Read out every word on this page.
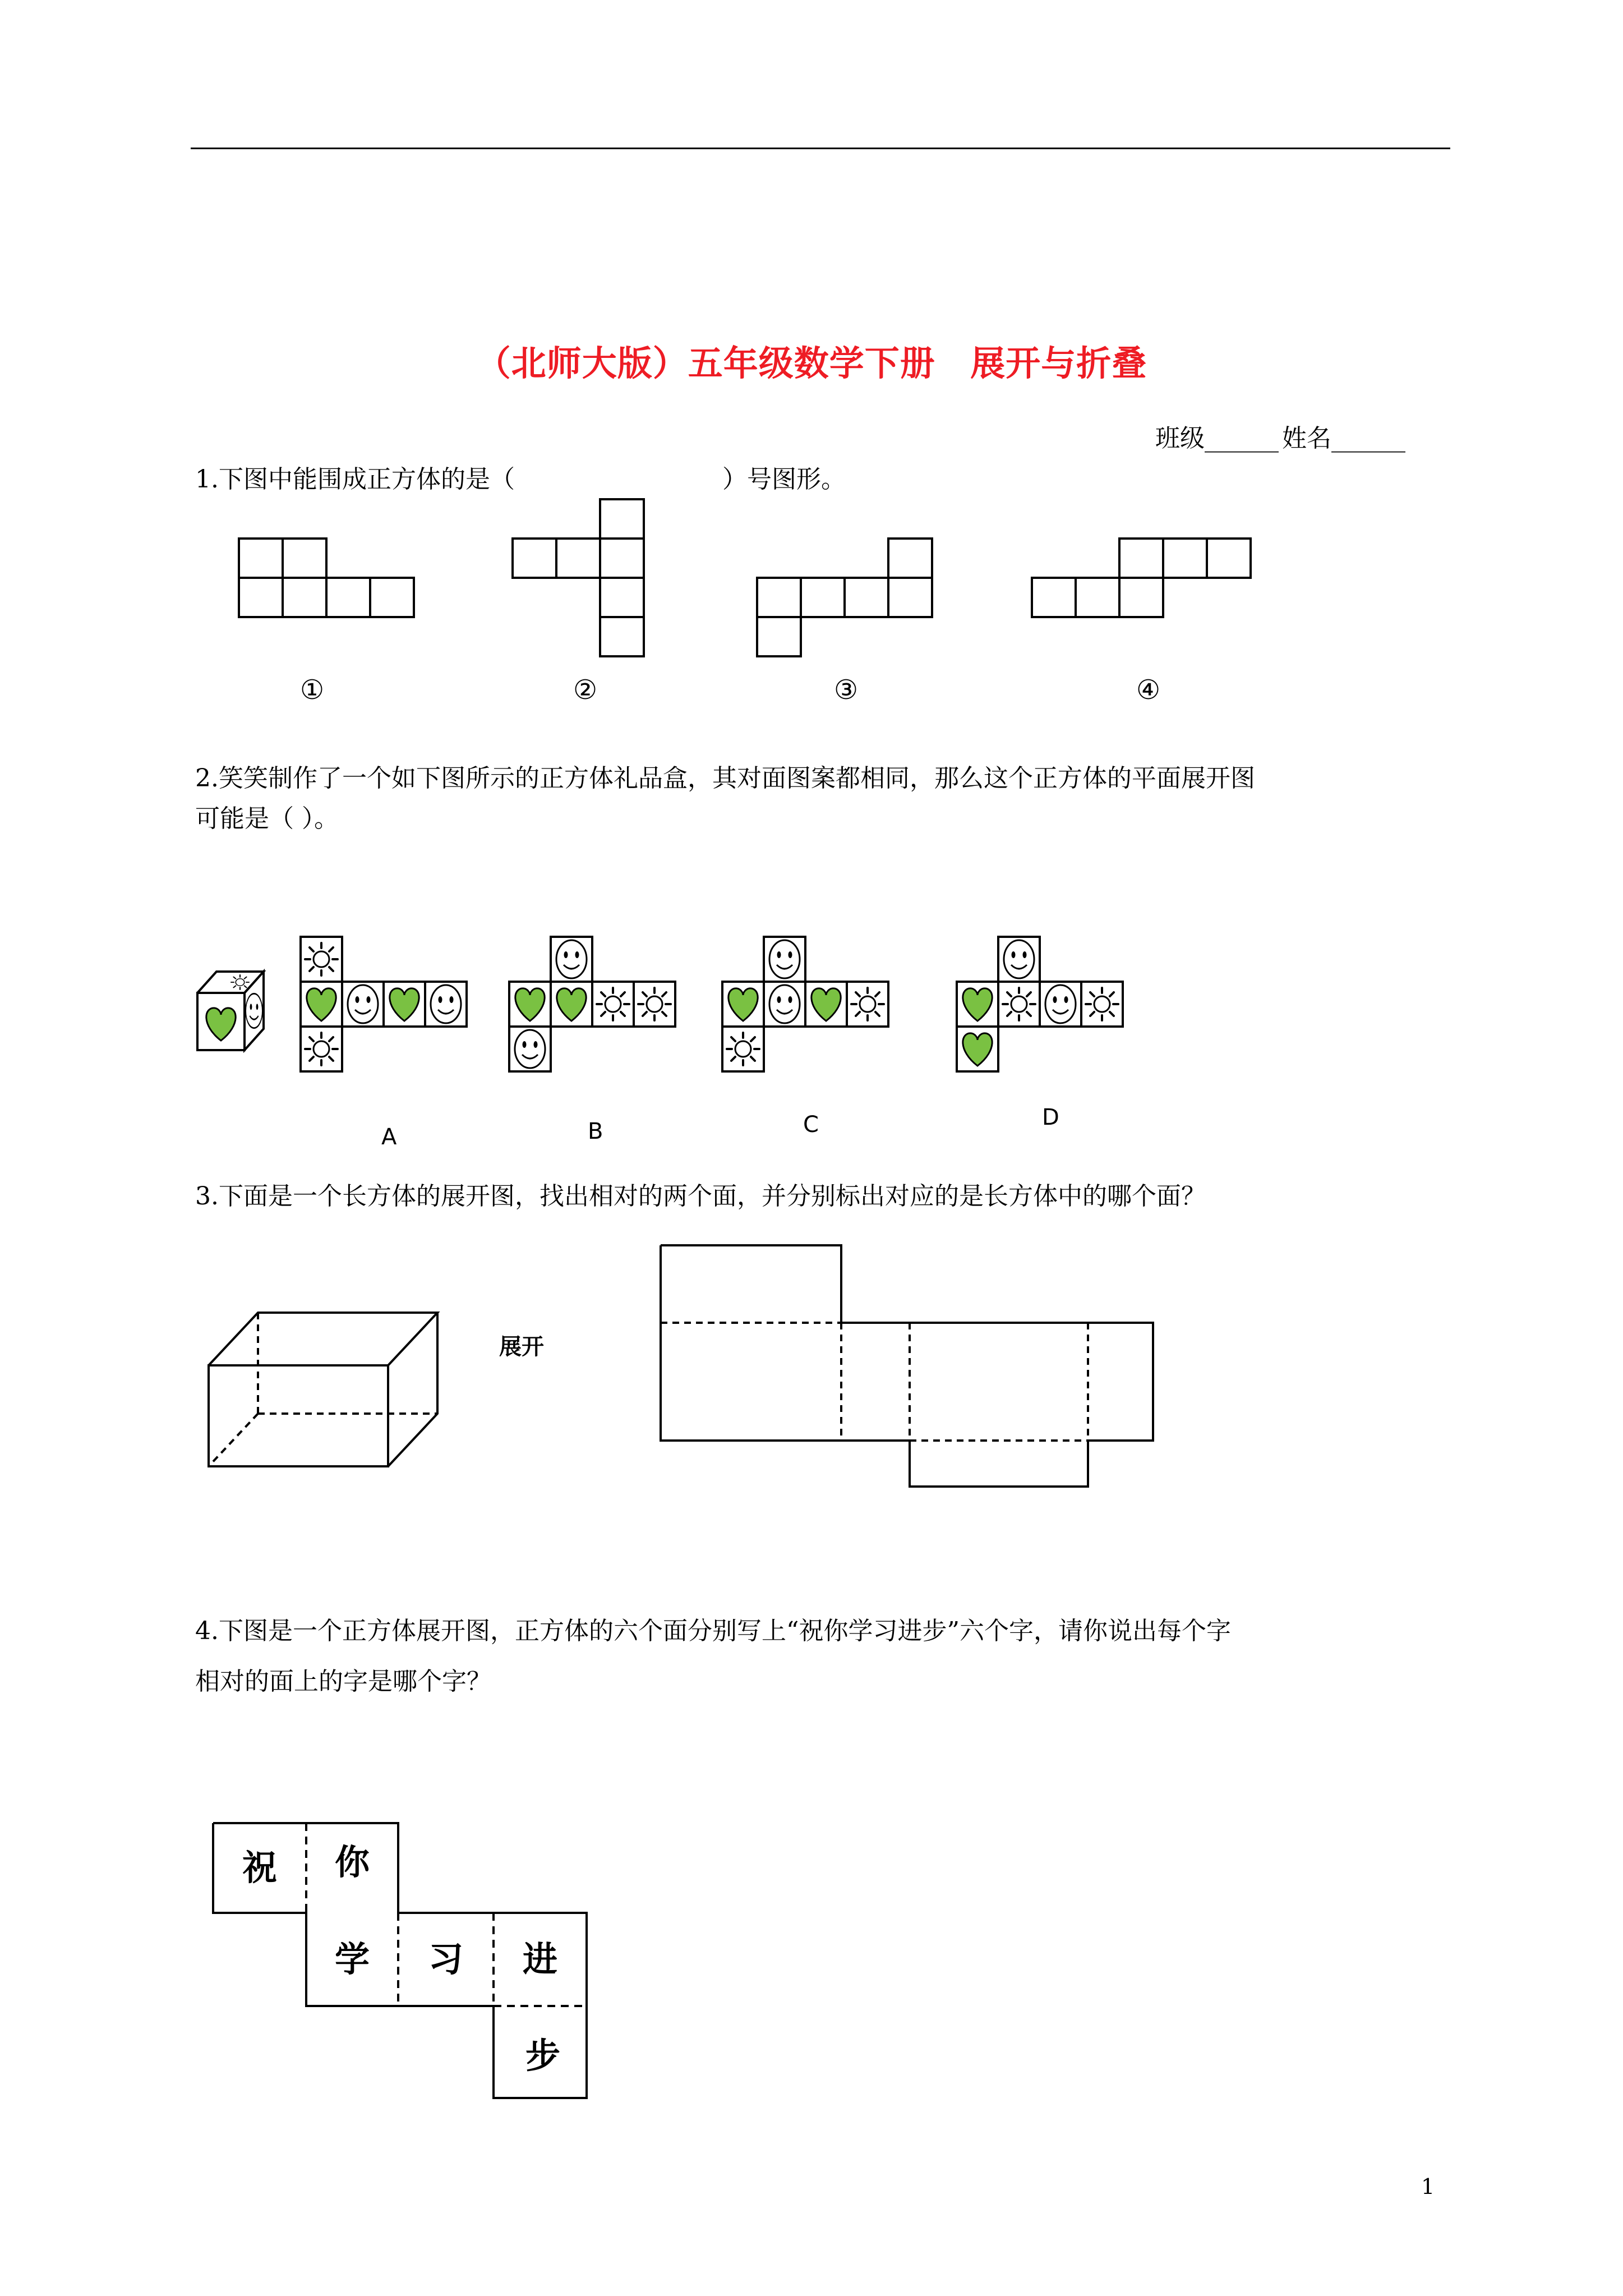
（北师大版）五年级数学下册 展开与折叠
班级______ 姓名______
1.下图中能围成正方体的是（	）号图形。
①	②	③	④
2.笑笑制作了一个如下图所示的正方体礼品盒，其对面图案都相同，那么这个正方体的平面展开图
可能是（ ）。
A	B	C	D
3.下面是一个长方体的展开图，找出相对的两个面，并分别标出对应的是长方体中的哪个面？
展开
4.下图是一个正方体展开图，正方体的六个面分别写上“祝你学习进步”六个字，请你说出每个字
相对的面上的字是哪个字？
祝 你
学 习 进
步
1
